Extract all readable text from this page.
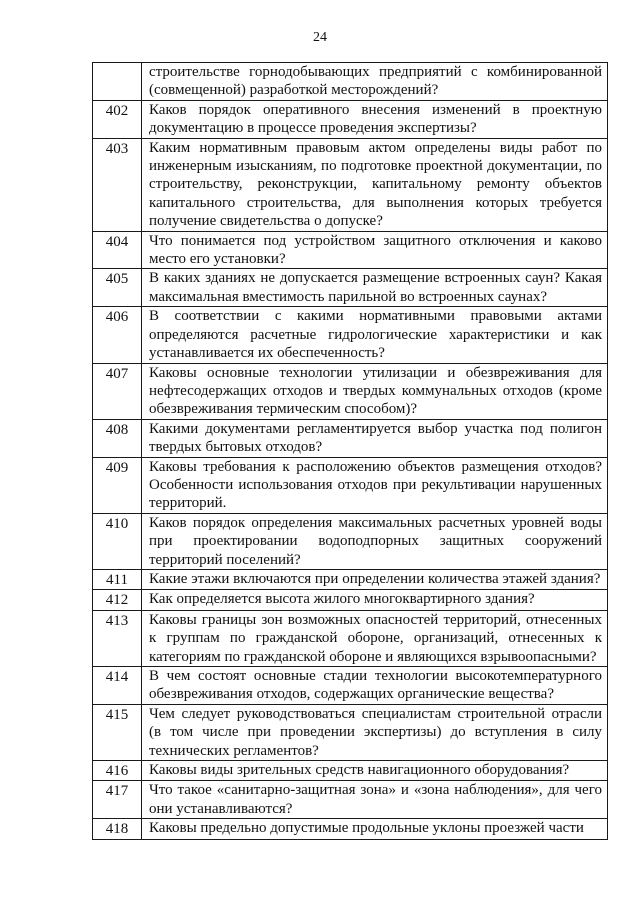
24
	строительстве горнодобывающих предприятий с комбинированной (совмещенной) разработкой месторождений?
402	Каков порядок оперативного внесения изменений в проектную документацию в процессе проведения экспертизы?
403	Каким нормативным правовым актом определены виды работ по инженерным изысканиям, по подготовке проектной документации, по строительству, реконструкции, капитальному ремонту объектов капитального строительства, для выполнения которых требуется получение свидетельства о допуске?
404	Что понимается под устройством защитного отключения и каково место его установки?
405	В каких зданиях не допускается размещение встроенных саун? Какая максимальная вместимость парильной во встроенных саунах?
406	В соответствии с какими нормативными правовыми актами определяются расчетные гидрологические характеристики и как устанавливается их обеспеченность?
407	Каковы основные технологии утилизации и обезвреживания для нефтесодержащих отходов и твердых коммунальных отходов (кроме обезвреживания термическим способом)?
408	Какими документами регламентируется выбор участка под полигон твердых бытовых отходов?
409	Каковы требования к расположению объектов размещения отходов? Особенности использования отходов при рекультивации нарушенных территорий.
410	Каков порядок определения максимальных расчетных уровней воды при проектировании водоподпорных защитных сооружений территорий поселений?
411	Какие этажи включаются при определении количества этажей здания?
412	Как определяется высота жилого многоквартирного здания?
413	Каковы границы зон возможных опасностей территорий, отнесенных к группам по гражданской обороне, организаций, отнесенных к категориям по гражданской обороне и являющихся взрывоопасными?
414	В чем состоят основные стадии технологии высокотемпературного обезвреживания отходов, содержащих органические вещества?
415	Чем следует руководствоваться специалистам строительной отрасли (в том числе при проведении экспертизы) до вступления в силу технических регламентов?
416	Каковы виды зрительных средств навигационного оборудования?
417	Что такое «санитарно-защитная зона» и «зона наблюдения», для чего они устанавливаются?
418	Каковы предельно допустимые продольные уклоны проезжей части
